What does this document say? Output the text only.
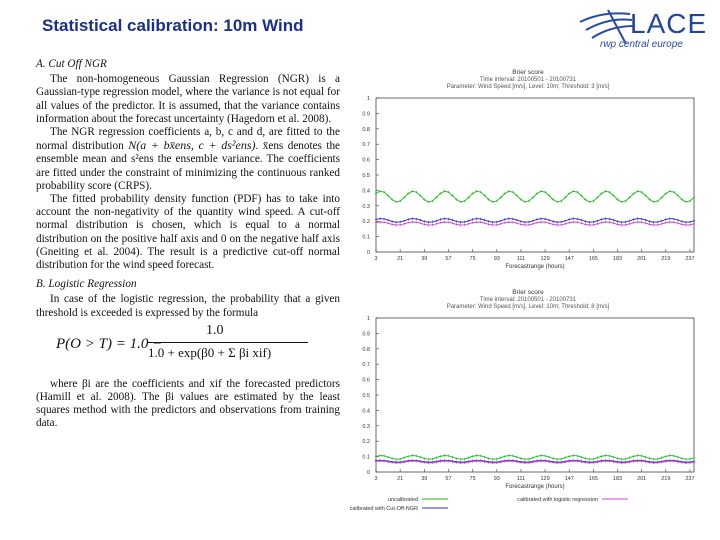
Statistical calibration: 10m Wind	LACE
rwp central europe
A. Cut Off NGR

The non-homogeneous Gaussian Regression (NGR) is a Gaussian-type regression model, where the variance is not equal for all values of the predictor. It is assumed, that the variance contains information about the forecast uncertainty (Hagedorn et al. 2008).

The NGR regression coefficients a, b, c and d, are fitted to the normal distribution N(a + bx̄ens, c + ds²ens). x̄ens denotes the ensemble mean and s²ens the ensemble variance. The coefficients are fitted under the constraint of minimizing the continuous ranked probability score (CRPS).

The fitted probability density function (PDF) has to take into account the non-negativity of the quantity wind speed. A cut-off normal distribution is chosen, which is equal to a normal distribution on the positive half axis and 0 on the negative half axis (Gneiting et al. 2004). The result is a predictive cut-off normal distribution for the wind speed forecast.

B. Logistic Regression

In case of the logistic regression, the probability that a given threshold is exceeded is expressed by the formula

P(O > T) = 1.0 −
1.0
1.0 + exp(β0 + Σ βi xif)

where βi are the coefficients and xif the forecasted predictors (Hamill et al. 2008). The βi values are estimated by the least squares method with the predictors and observations from training data.

Brier score
Time interval: 20100501 - 20100731
Parameter: Wind Speed [m/s], Level: 10m; Threshold: 3 [m/s]
0
0.1
0.2
0.3
0.4
0.5
0.6
0.7
0.8
0.9
1
3	21	39	57	75	93	111	129	147	165	183	201	219	237
Forecastrange (hours)
Brier score
Time interval: 20100501 - 20100731
Parameter: Wind Speed [m/s], Level: 10m; Threshold: 8 [m/s]
0
0.1
0.2
0.3
0.4
0.5
0.6
0.7
0.8
0.9
1
3	21	39	57	75	93	111	129	147	165	183	201	219	237
Forecastrange (hours)
uncalibrated	calibrated with logistic regression
calibrated with Cut-Off-NGR
